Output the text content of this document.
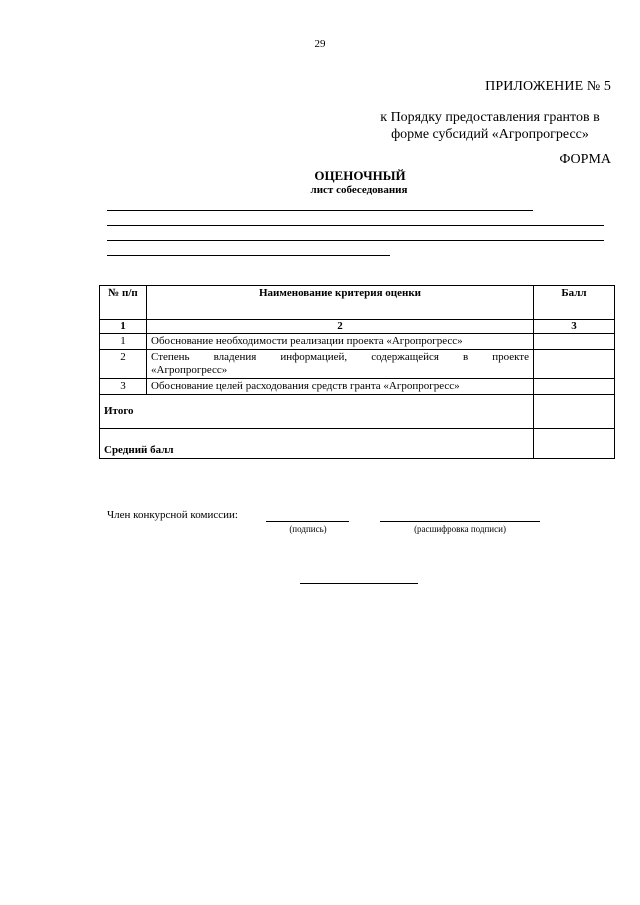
29
ПРИЛОЖЕНИЕ № 5
к Порядку предоставления грантов в
форме субсидий «Агропрогресс»
ФОРМА
ОЦЕНОЧНЫЙ
лист собеседования
№ п/п	Наименование критерия оценки	Балл
1	2	3
1	Обоснование необходимости реализации проекта «Агропрогресс»	
2	Степень владения информацией, содержащейся в проекте
«Агропрогресс»	

3	Обоснование целей расходования средств гранта «Агропрогресс»	
Итого		
Средний балл		
Член конкурсной комиссии:
(подпись)	(расшифровка подписи)
